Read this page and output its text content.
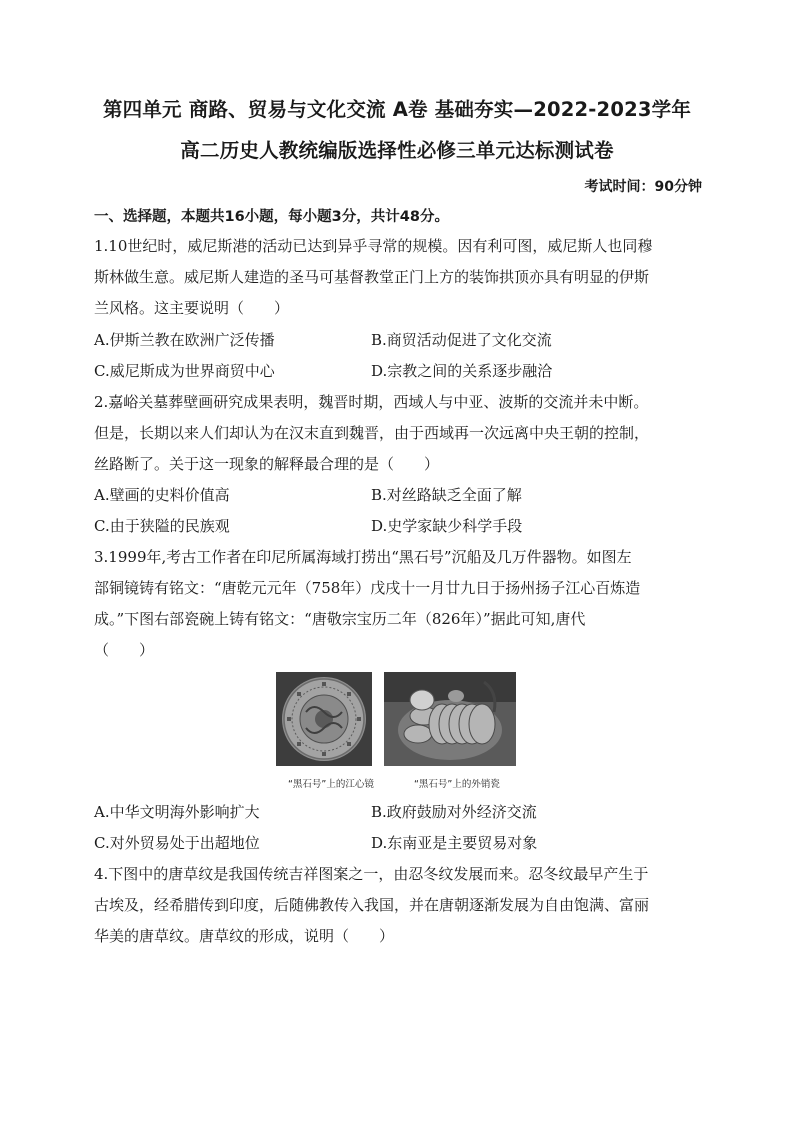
第四单元 商路、贸易与文化交流 A卷 基础夯实—2022-2023学年
高二历史人教统编版选择性必修三单元达标测试卷
考试时间：90分钟
一、选择题，本题共16小题，每小题3分，共计48分。
1.10世纪时，威尼斯港的活动已达到异乎寻常的规模。因有利可图，威尼斯人也同穆
斯林做生意。威尼斯人建造的圣马可基督教堂正门上方的装饰拱顶亦具有明显的伊斯
兰风格。这主要说明（　　）
A.伊斯兰教在欧洲广泛传播	B.商贸活动促进了文化交流
C.威尼斯成为世界商贸中心	D.宗教之间的关系逐步融洽
2.嘉峪关墓葬壁画研究成果表明，魏晋时期，西域人与中亚、波斯的交流并未中断。
但是，长期以来人们却认为在汉末直到魏晋，由于西域再一次远离中央王朝的控制，
丝路断了。关于这一现象的解释最合理的是（　　）
A.壁画的史料价值高	B.对丝路缺乏全面了解
C.由于狭隘的民族观	D.史学家缺少科学手段
3.1999年,考古工作者在印尼所属海域打捞出“黑石号”沉船及几万件器物。如图左
部铜镜铸有铭文：“唐乾元元年（758年）戊戌十一月廿九日于扬州扬子江心百炼造
成。”下图右部瓷碗上铸有铭文：“唐敬宗宝历二年（826年）”据此可知,唐代
（　　）
“黑石号”上的江心镜	“黑石号”上的外销瓷
A.中华文明海外影响扩大	B.政府鼓励对外经济交流
C.对外贸易处于出超地位	D.东南亚是主要贸易对象
4.下图中的唐草纹是我国传统吉祥图案之一，由忍冬纹发展而来。忍冬纹最早产生于
古埃及，经希腊传到印度，后随佛教传入我国，并在唐朝逐渐发展为自由饱满、富丽
华美的唐草纹。唐草纹的形成，说明（　　）
